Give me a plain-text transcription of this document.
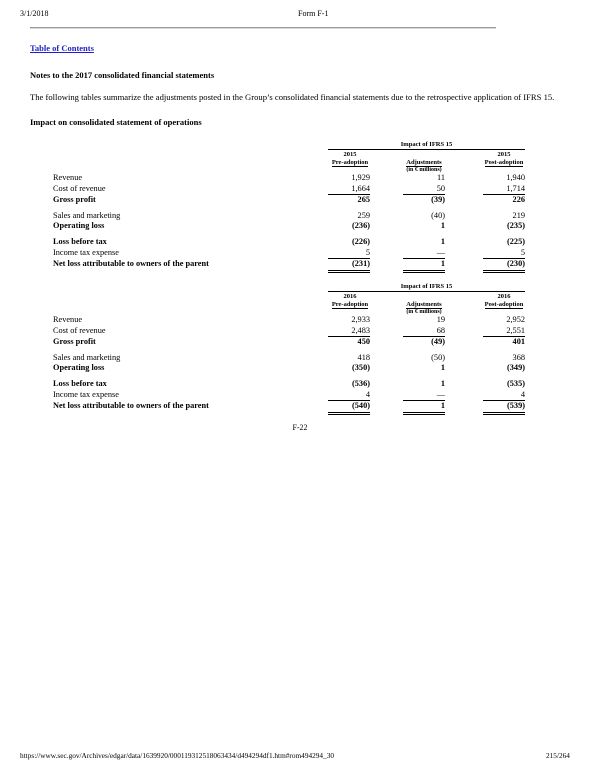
3/1/2018	Form F-1
Table of Contents
Notes to the 2017 consolidated financial statements
The following tables summarize the adjustments posted in the Group’s consolidated financial statements due to the retrospective application of IFRS 15.
Impact on consolidated statement of operations
Impact of IFRS 15
2015
Pre-adoption	Adjustments
2015
Post-adoption
(in € millions)
Revenue	1,929	11	1,940
Cost of revenue	1,664	50	1,714
Gross profit	265	(39)	226
Sales and marketing	259	(40)	219
Operating loss	(236)	1	(235)
Loss before tax	(226)	1	(225)
Income tax expense	5	—	5
Net loss attributable to owners of the parent	(231)	1	(230)
Impact of IFRS 15
2016
Pre-adoption	Adjustments
2016
Post-adoption
(in € millions)
Revenue	2,933	19	2,952
Cost of revenue	2,483	68	2,551
Gross profit	450	(49)	401
Sales and marketing	418	(50)	368
Operating loss	(350)	1	(349)
Loss before tax	(536)	1	(535)
Income tax expense	4	—	4
Net loss attributable to owners of the parent	(540)	1	(539)
F-22
https://www.sec.gov/Archives/edgar/data/1639920/000119312518063434/d494294df1.htm#rom494294_30	215/264
